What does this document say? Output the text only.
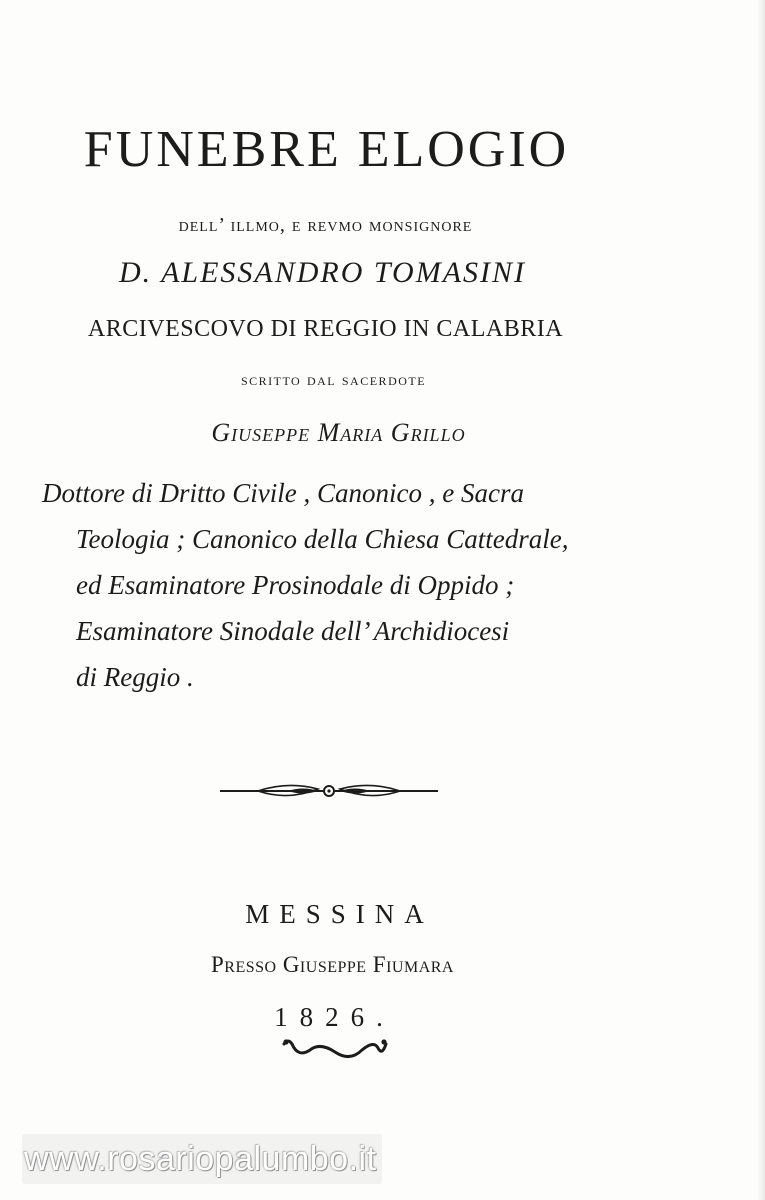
FUNEBRE ELOGIO

dell’ illmo, e revmo monsignore

D. ALESSANDRO TOMASINI

ARCIVESCOVO DI REGGIO IN CALABRIA

scritto dal sacerdote

Giuseppe Maria Grillo

Dottore di Dritto Civile , Canonico , e Sacra
Teologia ; Canonico della Chiesa Cattedrale,
ed Esaminatore Prosinodale di Oppido ;
Esaminatore Sinodale dell’ Archidiocesi
di Reggio .

MESSINA

Presso Giuseppe Fiumara

1826.

www.rosariopalumbo.it
